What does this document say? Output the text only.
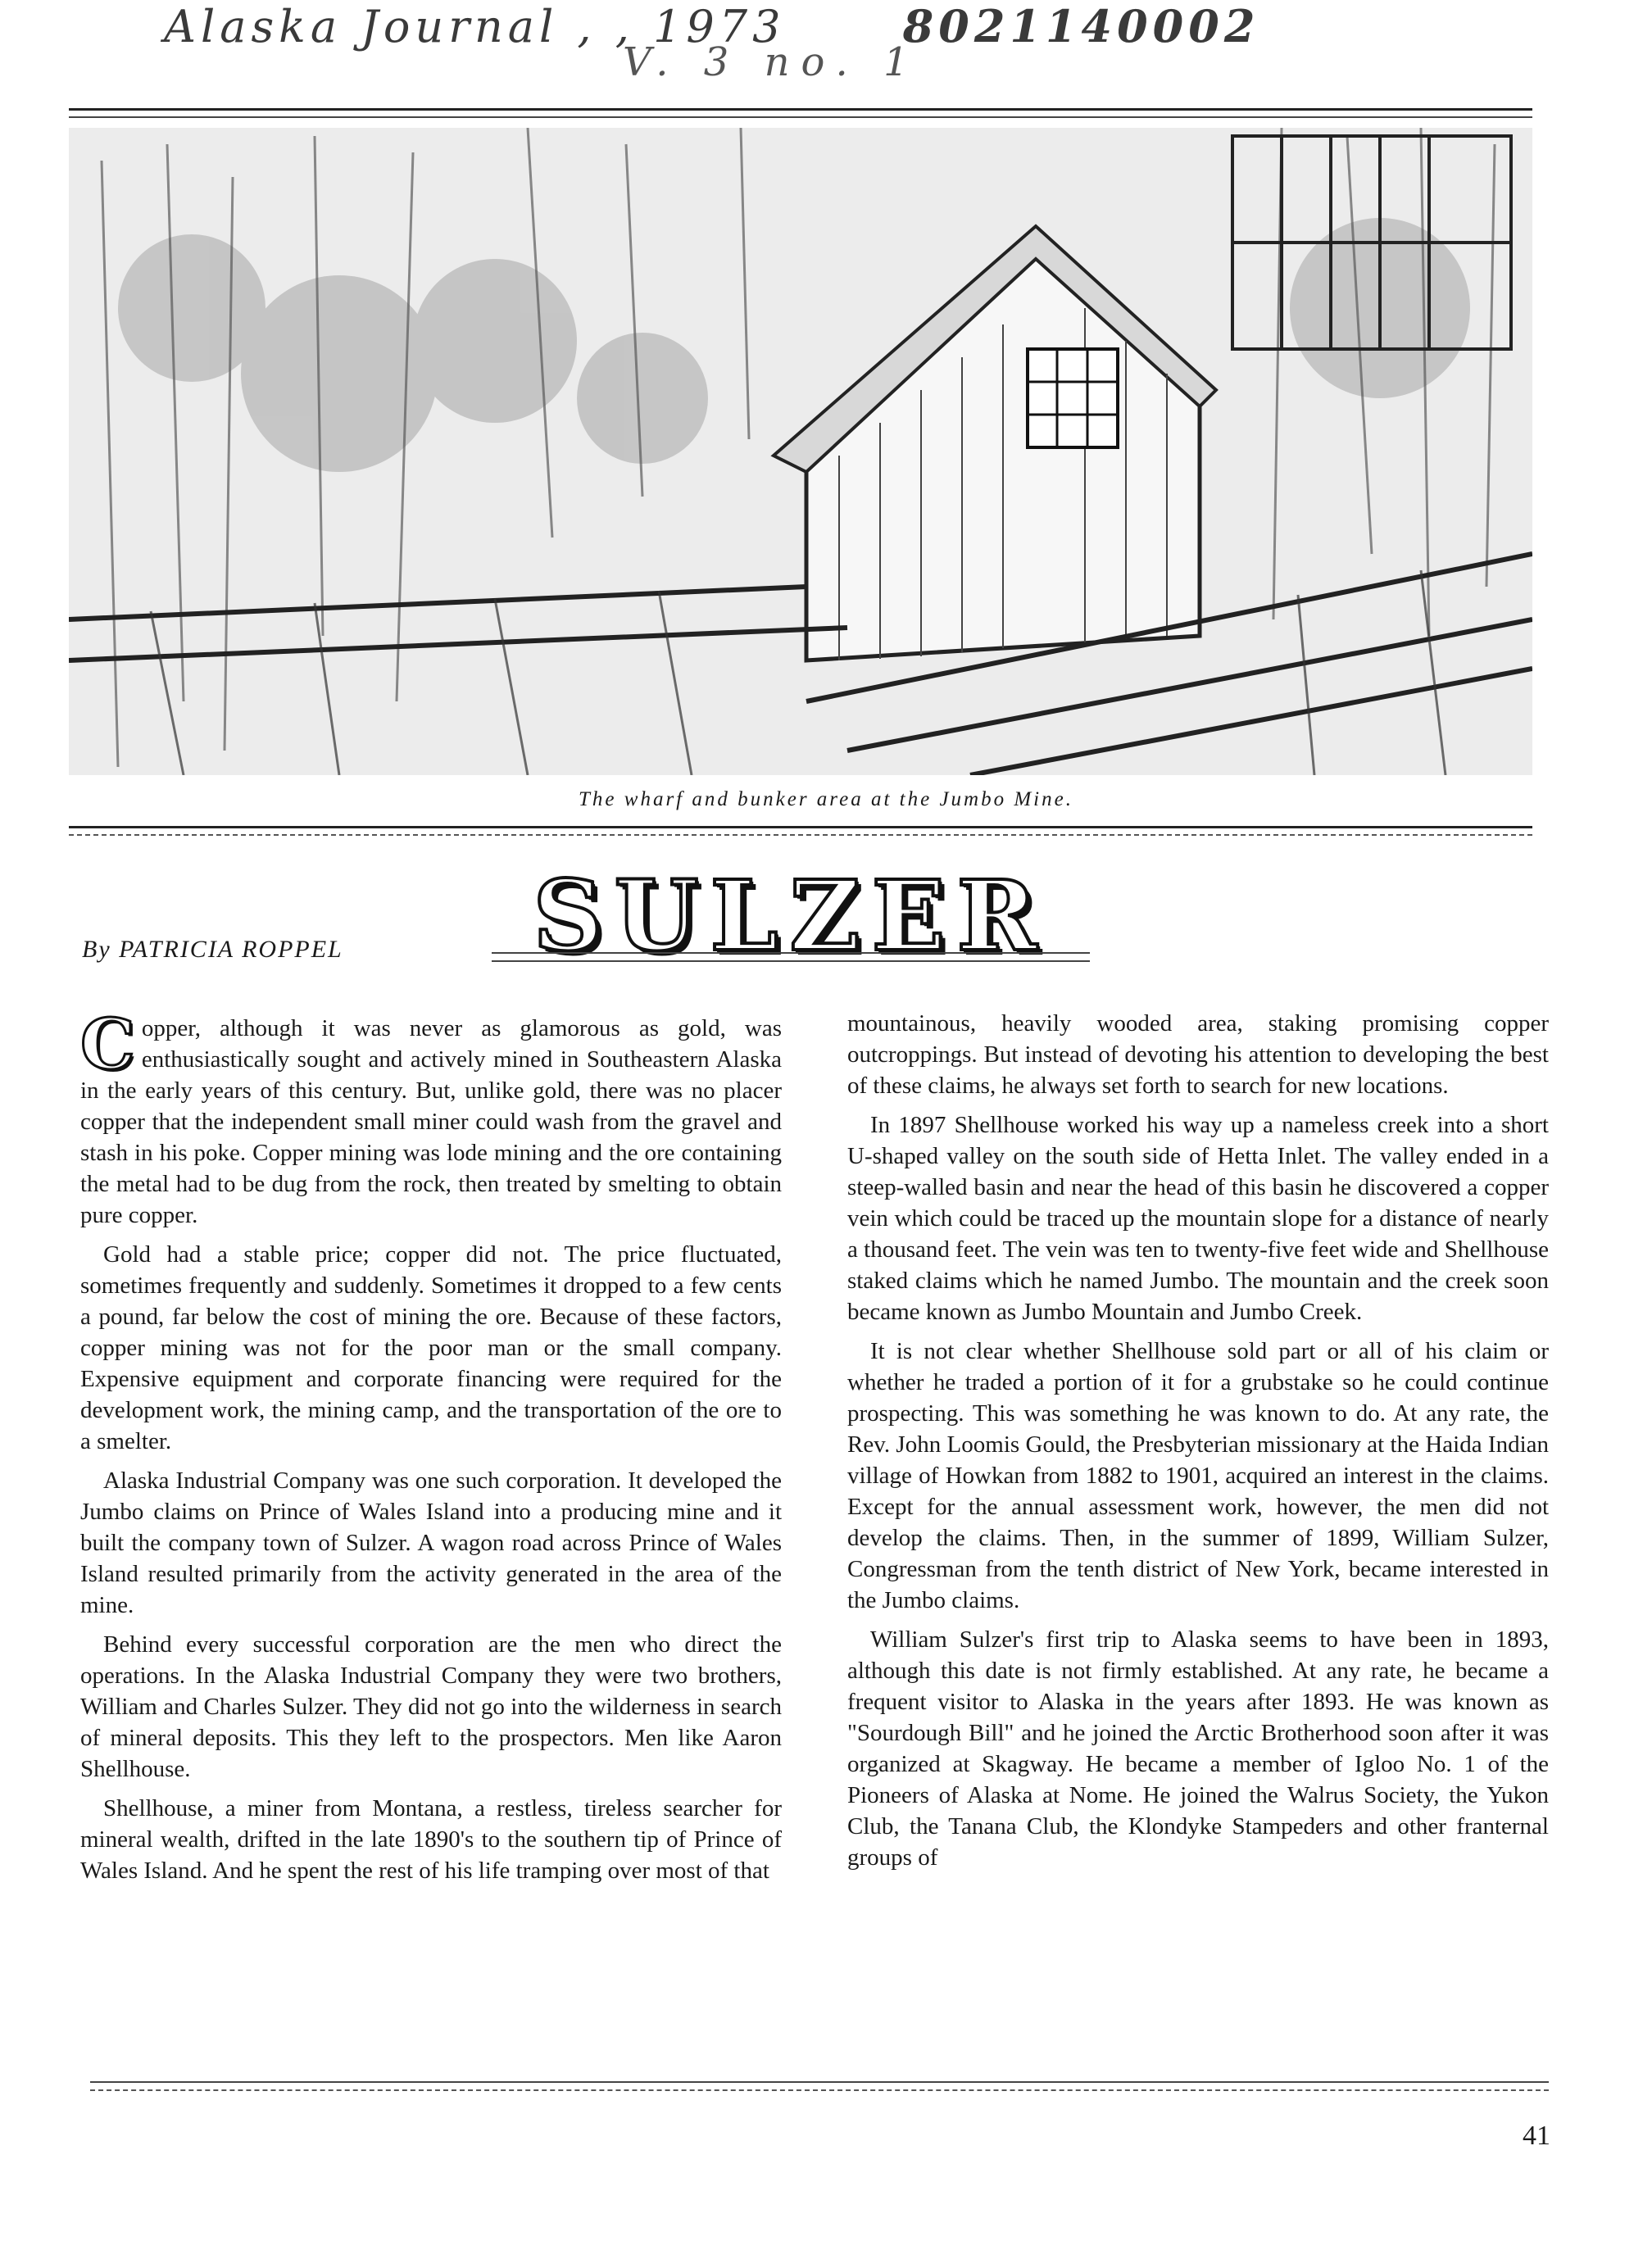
Alaska Journal , , 1973	8021140002
V. 3 no. 1
The wharf and bunker area at the Jumbo Mine.
SULZER
By PATRICIA ROPPEL

Copper, although it was never as glamorous as gold, was enthusiastically sought and actively mined in Southeastern Alaska in the early years of this century. But, unlike gold, there was no placer copper that the independent small miner could wash from the gravel and stash in his poke. Copper mining was lode mining and the ore containing the metal had to be dug from the rock, then treated by smelting to obtain pure copper.

Gold had a stable price; copper did not. The price fluctuated, sometimes frequently and suddenly. Sometimes it dropped to a few cents a pound, far below the cost of mining the ore. Because of these factors, copper mining was not for the poor man or the small company. Expensive equipment and corporate financing were required for the development work, the mining camp, and the transportation of the ore to a smelter.

Alaska Industrial Company was one such corporation. It developed the Jumbo claims on Prince of Wales Island into a producing mine and it built the company town of Sulzer. A wagon road across Prince of Wales Island resulted primarily from the activity generated in the area of the mine.

Behind every successful corporation are the men who direct the operations. In the Alaska Industrial Company they were two brothers, William and Charles Sulzer. They did not go into the wilderness in search of mineral deposits. This they left to the prospectors. Men like Aaron Shellhouse.

Shellhouse, a miner from Montana, a restless, tireless searcher for mineral wealth, drifted in the late 1890's to the southern tip of Prince of Wales Island. And he spent the rest of his life tramping over most of that

mountainous, heavily wooded area, staking promising copper outcroppings. But instead of devoting his attention to developing the best of these claims, he always set forth to search for new locations.

In 1897 Shellhouse worked his way up a nameless creek into a short U-shaped valley on the south side of Hetta Inlet. The valley ended in a steep-walled basin and near the head of this basin he discovered a copper vein which could be traced up the mountain slope for a distance of nearly a thousand feet. The vein was ten to twenty-five feet wide and Shellhouse staked claims which he named Jumbo. The mountain and the creek soon became known as Jumbo Mountain and Jumbo Creek.

It is not clear whether Shellhouse sold part or all of his claim or whether he traded a portion of it for a grubstake so he could continue prospecting. This was something he was known to do. At any rate, the Rev. John Loomis Gould, the Presbyterian missionary at the Haida Indian village of Howkan from 1882 to 1901, acquired an interest in the claims. Except for the annual assessment work, however, the men did not develop the claims. Then, in the summer of 1899, William Sulzer, Congressman from the tenth district of New York, became interested in the Jumbo claims.

William Sulzer's first trip to Alaska seems to have been in 1893, although this date is not firmly established. At any rate, he became a frequent visitor to Alaska in the years after 1893. He was known as "Sourdough Bill" and he joined the Arctic Brotherhood soon after it was organized at Skagway. He became a member of Igloo No. 1 of the Pioneers of Alaska at Nome. He joined the Walrus Society, the Yukon Club, the Tanana Club, the Klondyke Stampeders and other franternal groups of

41
